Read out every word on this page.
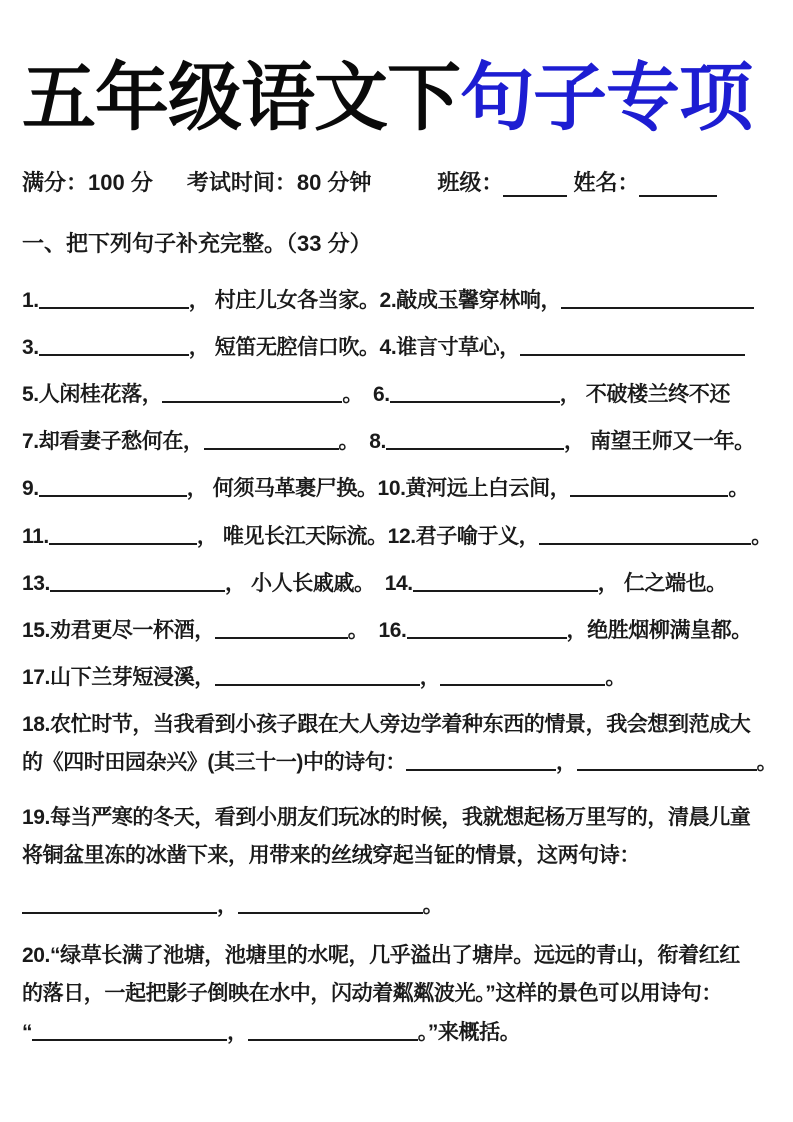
五年级语文下句子专项
满分：100 分 考试时间：80 分钟	班级：	姓名：
一、把下列句子补充完整。（33 分）
1.	， 村庄儿女各当家。2.敲成玉馨穿林响，
3.	， 短笛无腔信口吹。4.谁言寸草心，
5.人闲桂花落，	。　6.	， 不破楼兰终不还
7.却看妻子愁何在，	。　8.	， 南望王师又一年。
9.	， 何须马革裹尸换。10.黄河远上白云间，	。
11.	， 唯见长江天际流。12.君子喻于义，	。
13.	， 小人长戚戚。　14.	， 仁之端也。
15.劝君更尽一杯酒，	。　16.	，绝胜烟柳满皇都。
17.山下兰芽短浸溪，	，	。
18.农忙时节，当我看到小孩子跟在大人旁边学着种东西的情景，我会想到范成大
的《四时田园杂兴》(其三十一)中的诗句：	，	。
19.每当严寒的冬天，看到小朋友们玩冰的时候，我就想起杨万里写的，清晨儿童
将铜盆里冻的冰凿下来，用带来的丝绒穿起当钲的情景，这两句诗：
，	。
20.“绿草长满了池塘，池塘里的水呢，几乎溢出了塘岸。远远的青山，衔着红红
的落日，一起把影子倒映在水中，闪动着粼粼波光。”这样的景色可以用诗句：
“	，	。”来概括。
